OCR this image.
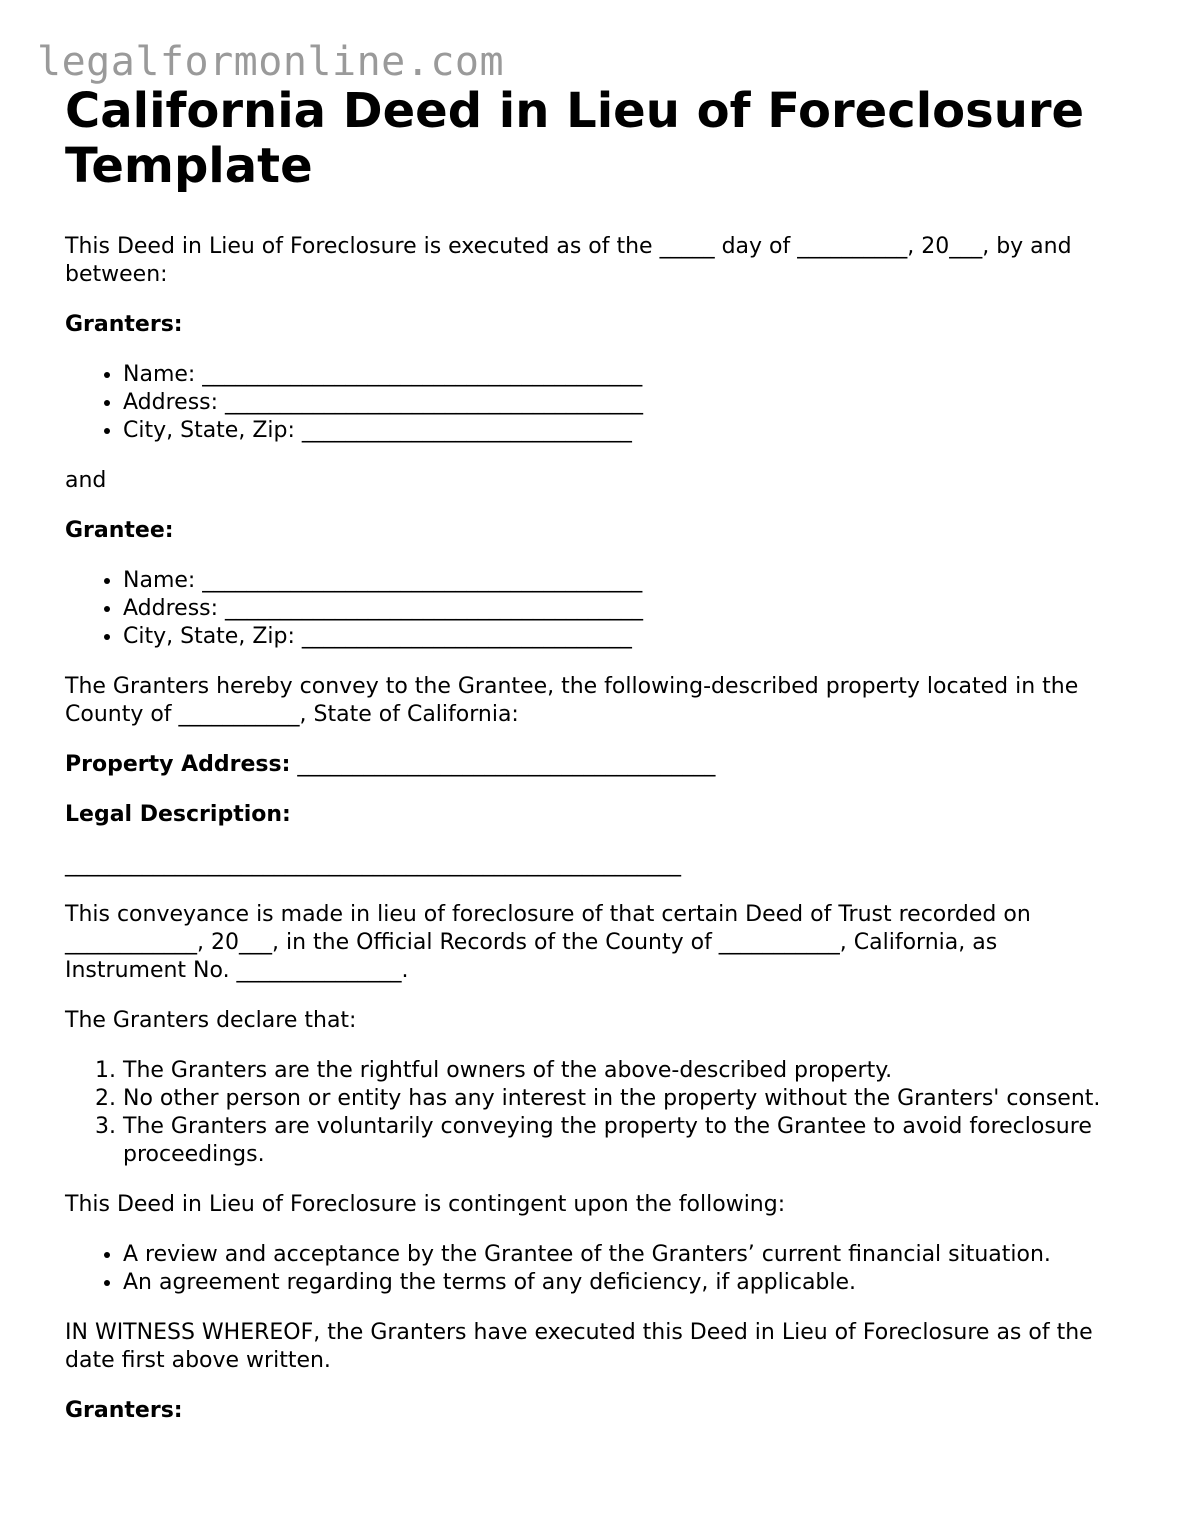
legalformonline.com
California Deed in Lieu of Foreclosure Template

This Deed in Lieu of Foreclosure is executed as of the _____ day of __________, 20___, by and between:

Granters:

• Name: ________________________________________
• Address: ______________________________________
• City, State, Zip: ______________________________

and

Grantee:

• Name: ________________________________________
• Address: ______________________________________
• City, State, Zip: ______________________________

The Granters hereby convey to the Grantee, the following-described property located in the County of ___________, State of California:

Property Address: ______________________________________

Legal Description:

________________________________________________________

This conveyance is made in lieu of foreclosure of that certain Deed of Trust recorded on ____________, 20___, in the Official Records of the County of ___________, California, as Instrument No. _______________.

The Granters declare that:

1. The Granters are the rightful owners of the above-described property.
2. No other person or entity has any interest in the property without the Granters' consent.
3. The Granters are voluntarily conveying the property to the Grantee to avoid foreclosure proceedings.

This Deed in Lieu of Foreclosure is contingent upon the following:

• A review and acceptance by the Grantee of the Granters’ current financial situation.
• An agreement regarding the terms of any deficiency, if applicable.

IN WITNESS WHEREOF, the Granters have executed this Deed in Lieu of Foreclosure as of the date first above written.

Granters:
